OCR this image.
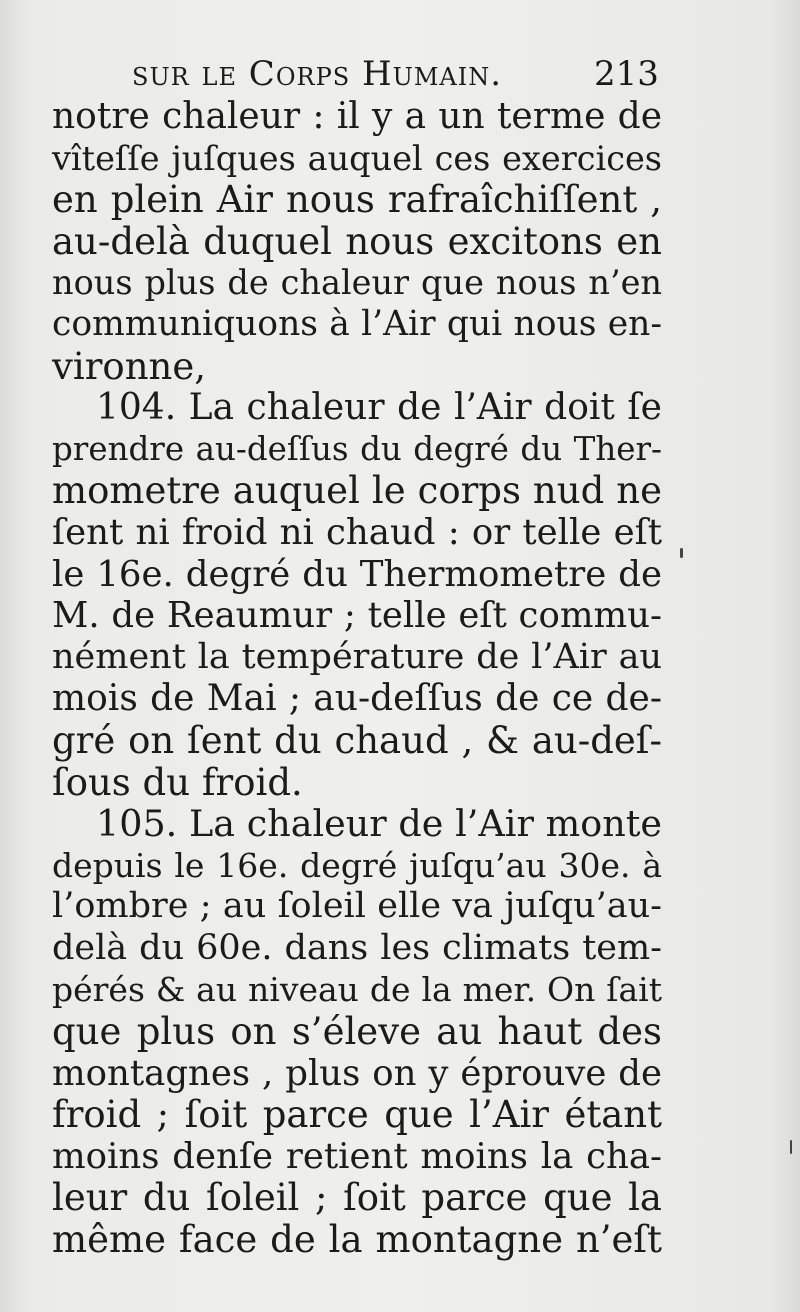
sur le Corps Humain.	213
notre chaleur : il y a un terme de
vîteſſe juſques auquel ces exercices
en plein Air nous rafraîchiſſent ,
au-delà duquel nous excitons en
nous plus de chaleur que nous n’en
communiquons à l’Air qui nous en-
vironne,
104. La chaleur de l’Air doit ſe
prendre au-deſſus du degré du Ther-
mometre auquel le corps nud ne
ſent ni froid ni chaud : or telle eſt
le 16e. degré du Thermometre de
M. de Reaumur ; telle eſt commu-
nément la température de l’Air au
mois de Mai ; au-deſſus de ce de-
gré on ſent du chaud , & au-deſ-
ſous du froid.
105. La chaleur de l’Air monte
depuis le 16e. degré juſqu’au 30e. à
l’ombre ; au ſoleil elle va juſqu’au-
delà du 60e. dans les climats tem-
pérés & au niveau de la mer. On ſait
que plus on s’éleve au haut des
montagnes , plus on y éprouve de
froid ; ſoit parce que l’Air étant
moins denſe retient moins la cha-
leur du ſoleil ; ſoit parce que la
même face de la montagne n’eſt
